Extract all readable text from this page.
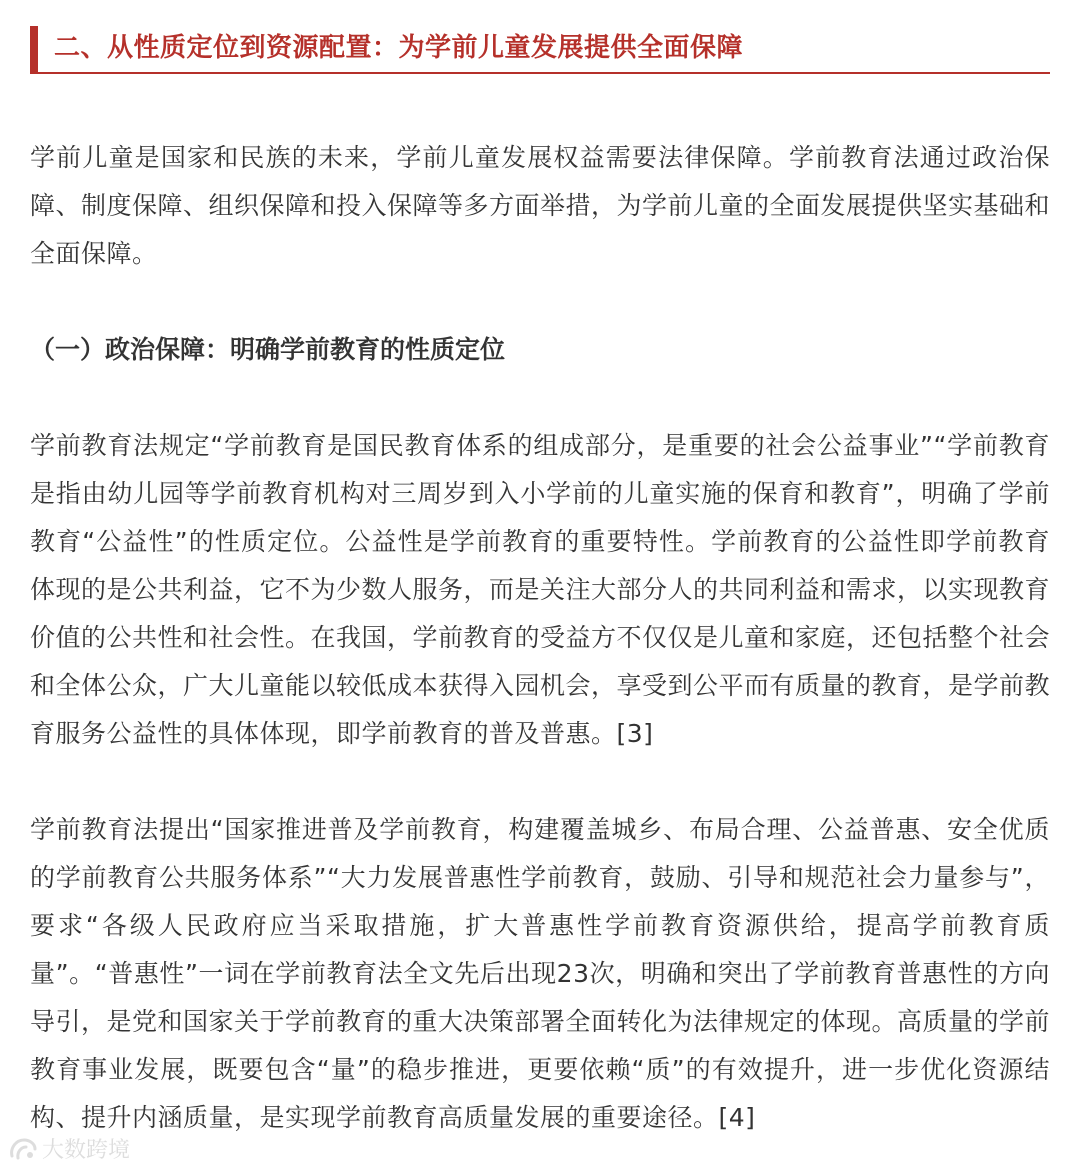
二、从性质定位到资源配置：为学前儿童发展提供全面保障

学前儿童是国家和民族的未来，学前儿童发展权益需要法律保障。学前教育法通过政治保障、制度保障、组织保障和投入保障等多方面举措，为学前儿童的全面发展提供坚实基础和全面保障。

（一）政治保障：明确学前教育的性质定位

学前教育法规定“学前教育是国民教育体系的组成部分，是重要的社会公益事业”“学前教育是指由幼儿园等学前教育机构对三周岁到入小学前的儿童实施的保育和教育”，明确了学前教育“公益性”的性质定位。公益性是学前教育的重要特性。学前教育的公益性即学前教育体现的是公共利益，它不为少数人服务，而是关注大部分人的共同利益和需求，以实现教育价值的公共性和社会性。在我国，学前教育的受益方不仅仅是儿童和家庭，还包括整个社会和全体公众，广大儿童能以较低成本获得入园机会，享受到公平而有质量的教育，是学前教育服务公益性的具体体现，即学前教育的普及普惠。[3]

学前教育法提出“国家推进普及学前教育，构建覆盖城乡、布局合理、公益普惠、安全优质的学前教育公共服务体系”“大力发展普惠性学前教育，鼓励、引导和规范社会力量参与”，要求“各级人民政府应当采取措施，扩大普惠性学前教育资源供给，提高学前教育质量”。“普惠性”一词在学前教育法全文先后出现23次，明确和突出了学前教育普惠性的方向导引，是党和国家关于学前教育的重大决策部署全面转化为法律规定的体现。高质量的学前教育事业发展，既要包含“量”的稳步推进，更要依赖“质”的有效提升，进一步优化资源结构、提升内涵质量，是实现学前教育高质量发展的重要途径。[4]

大数跨境
